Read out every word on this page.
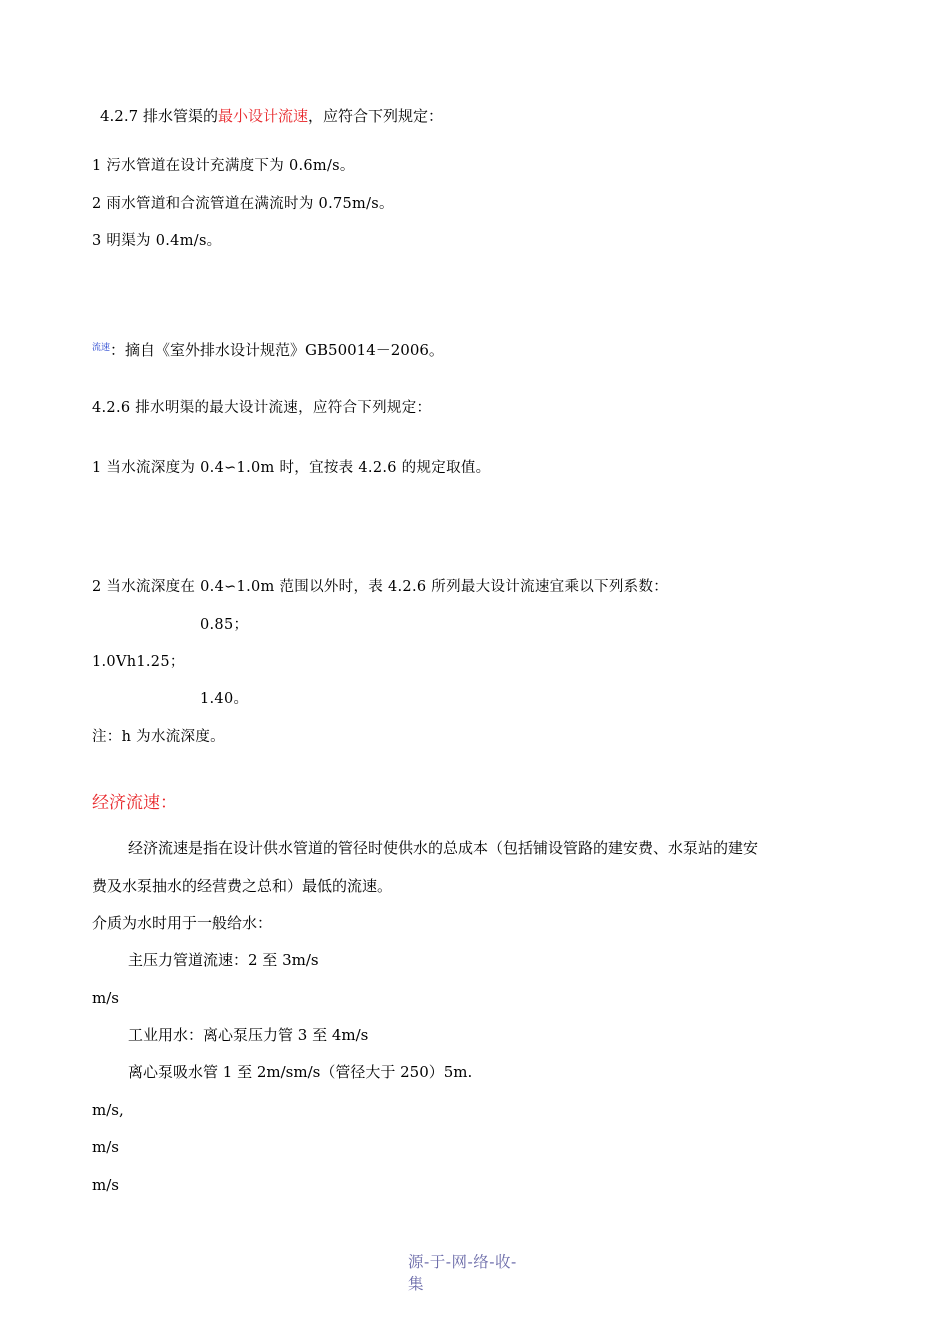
4.2.7 排水管渠的最小设计流速，应符合下列规定：
1 污水管道在设计充满度下为 0.6m/s。
2 雨水管道和合流管道在满流时为 0.75m/s。
3 明渠为 0.4m/s。
$^{流速}$：摘自《室外排水设计规范》GB50014－2006。
4.2.6 排水明渠的最大设计流速，应符合下列规定：
1 当水流深度为 0.4∽1.0m 时，宜按表 4.2.6 的规定取值。
2 当水流深度在 0.4∽1.0m 范围以外时，表 4.2.6 所列最大设计流速宜乘以下列系数：
0.85；
1.0Vh1.25；
1.40。
注：h 为水流深度。
经济流速：
经济流速是指在设计供水管道的管径时使供水的总成本（包括铺设管路的建安费、水泵站的建安
费及水泵抽水的经营费之总和）最低的流速。
介质为水时用于一般给水：
主压力管道流速：2 至 3m/s
m/s
工业用水：离心泵压力管 3 至 4m/s
离心泵吸水管 1 至 2m/sm/s（管径大于 250）5m.
m/s,
m/s
m/s
源-于-网-络-收-集
